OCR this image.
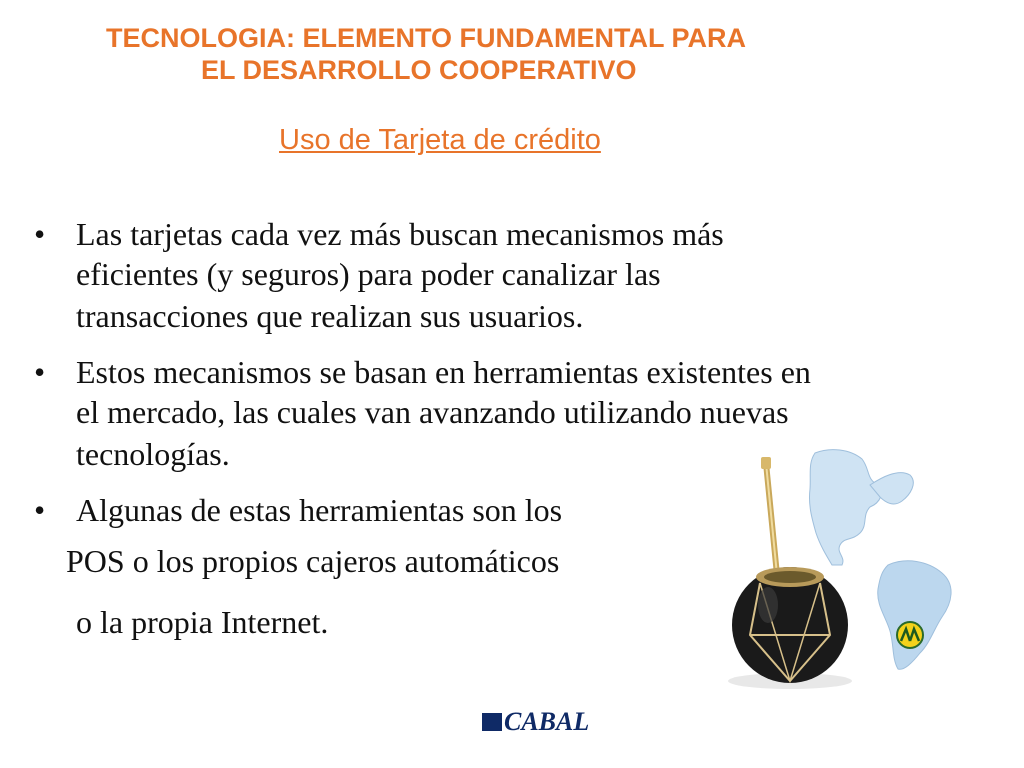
TECNOLOGIA: ELEMENTO FUNDAMENTAL PARA
EL DESARROLLO COOPERATIVO
Uso de Tarjeta de crédito
• Las tarjetas cada vez más buscan mecanismos más
eficientes (y seguros) para poder canalizar las
transacciones que realizan sus usuarios.
• Estos mecanismos se basan en herramientas existentes en
el mercado, las cuales van avanzando utilizando nuevas
tecnologías.
• Algunas de estas herramientas son los
POS o los propios cajeros automáticos
o la propia Internet.
CABAL
